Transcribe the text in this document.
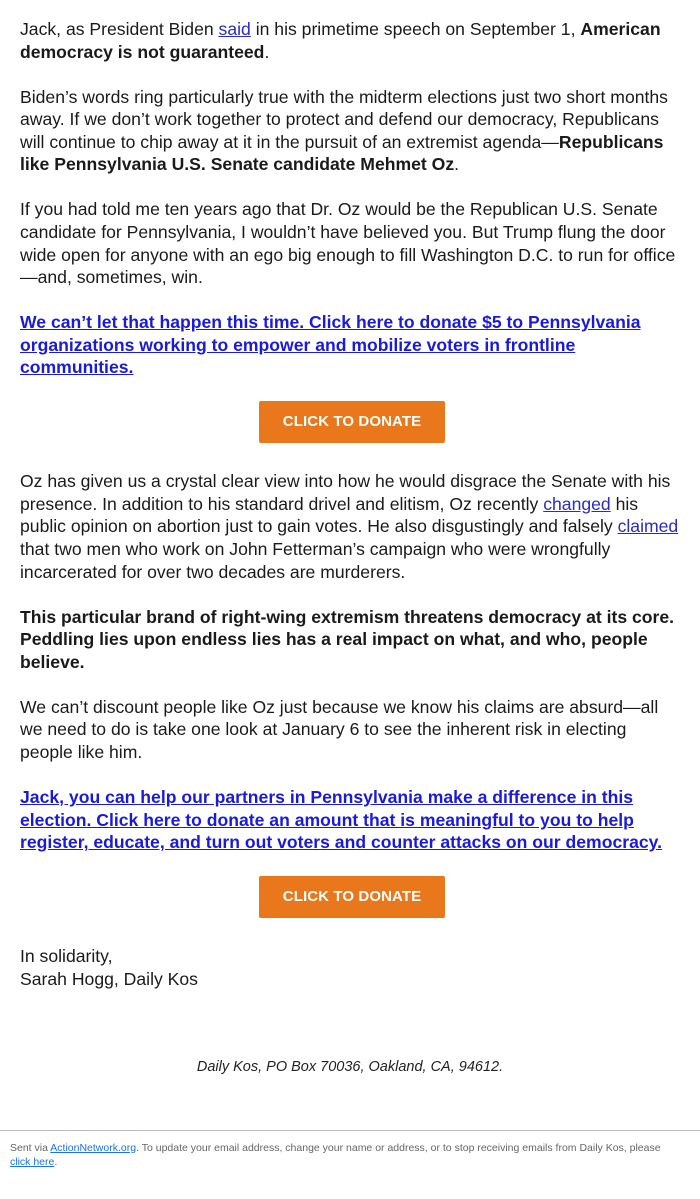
Jack, as President Biden said in his primetime speech on September 1, American democracy is not guaranteed.

Biden’s words ring particularly true with the midterm elections just two short months away. If we don’t work together to protect and defend our democracy, Republicans will continue to chip away at it in the pursuit of an extremist agenda—Republicans like Pennsylvania U.S. Senate candidate Mehmet Oz.

If you had told me ten years ago that Dr. Oz would be the Republican U.S. Senate candidate for Pennsylvania, I wouldn’t have believed you. But Trump flung the door wide open for anyone with an ego big enough to fill Washington D.C. to run for office—and, sometimes, win.

We can’t let that happen this time. Click here to donate $5 to Pennsylvania organizations working to empower and mobilize voters in frontline communities.

CLICK TO DONATE

Oz has given us a crystal clear view into how he would disgrace the Senate with his presence. In addition to his standard drivel and elitism, Oz recently changed his public opinion on abortion just to gain votes. He also disgustingly and falsely claimed that two men who work on John Fetterman’s campaign who were wrongfully incarcerated for over two decades are murderers.

This particular brand of right-wing extremism threatens democracy at its core. Peddling lies upon endless lies has a real impact on what, and who, people believe.

We can’t discount people like Oz just because we know his claims are absurd—all we need to do is take one look at January 6 to see the inherent risk in electing people like him.

Jack, you can help our partners in Pennsylvania make a difference in this election. Click here to donate an amount that is meaningful to you to help register, educate, and turn out voters and counter attacks on our democracy.

CLICK TO DONATE
In solidarity,
Sarah Hogg, Daily Kos
Daily Kos, PO Box 70036, Oakland, CA, 94612.
Sent via ActionNetwork.org. To update your email address, change your name or address, or to stop receiving emails from Daily Kos, please click here.
